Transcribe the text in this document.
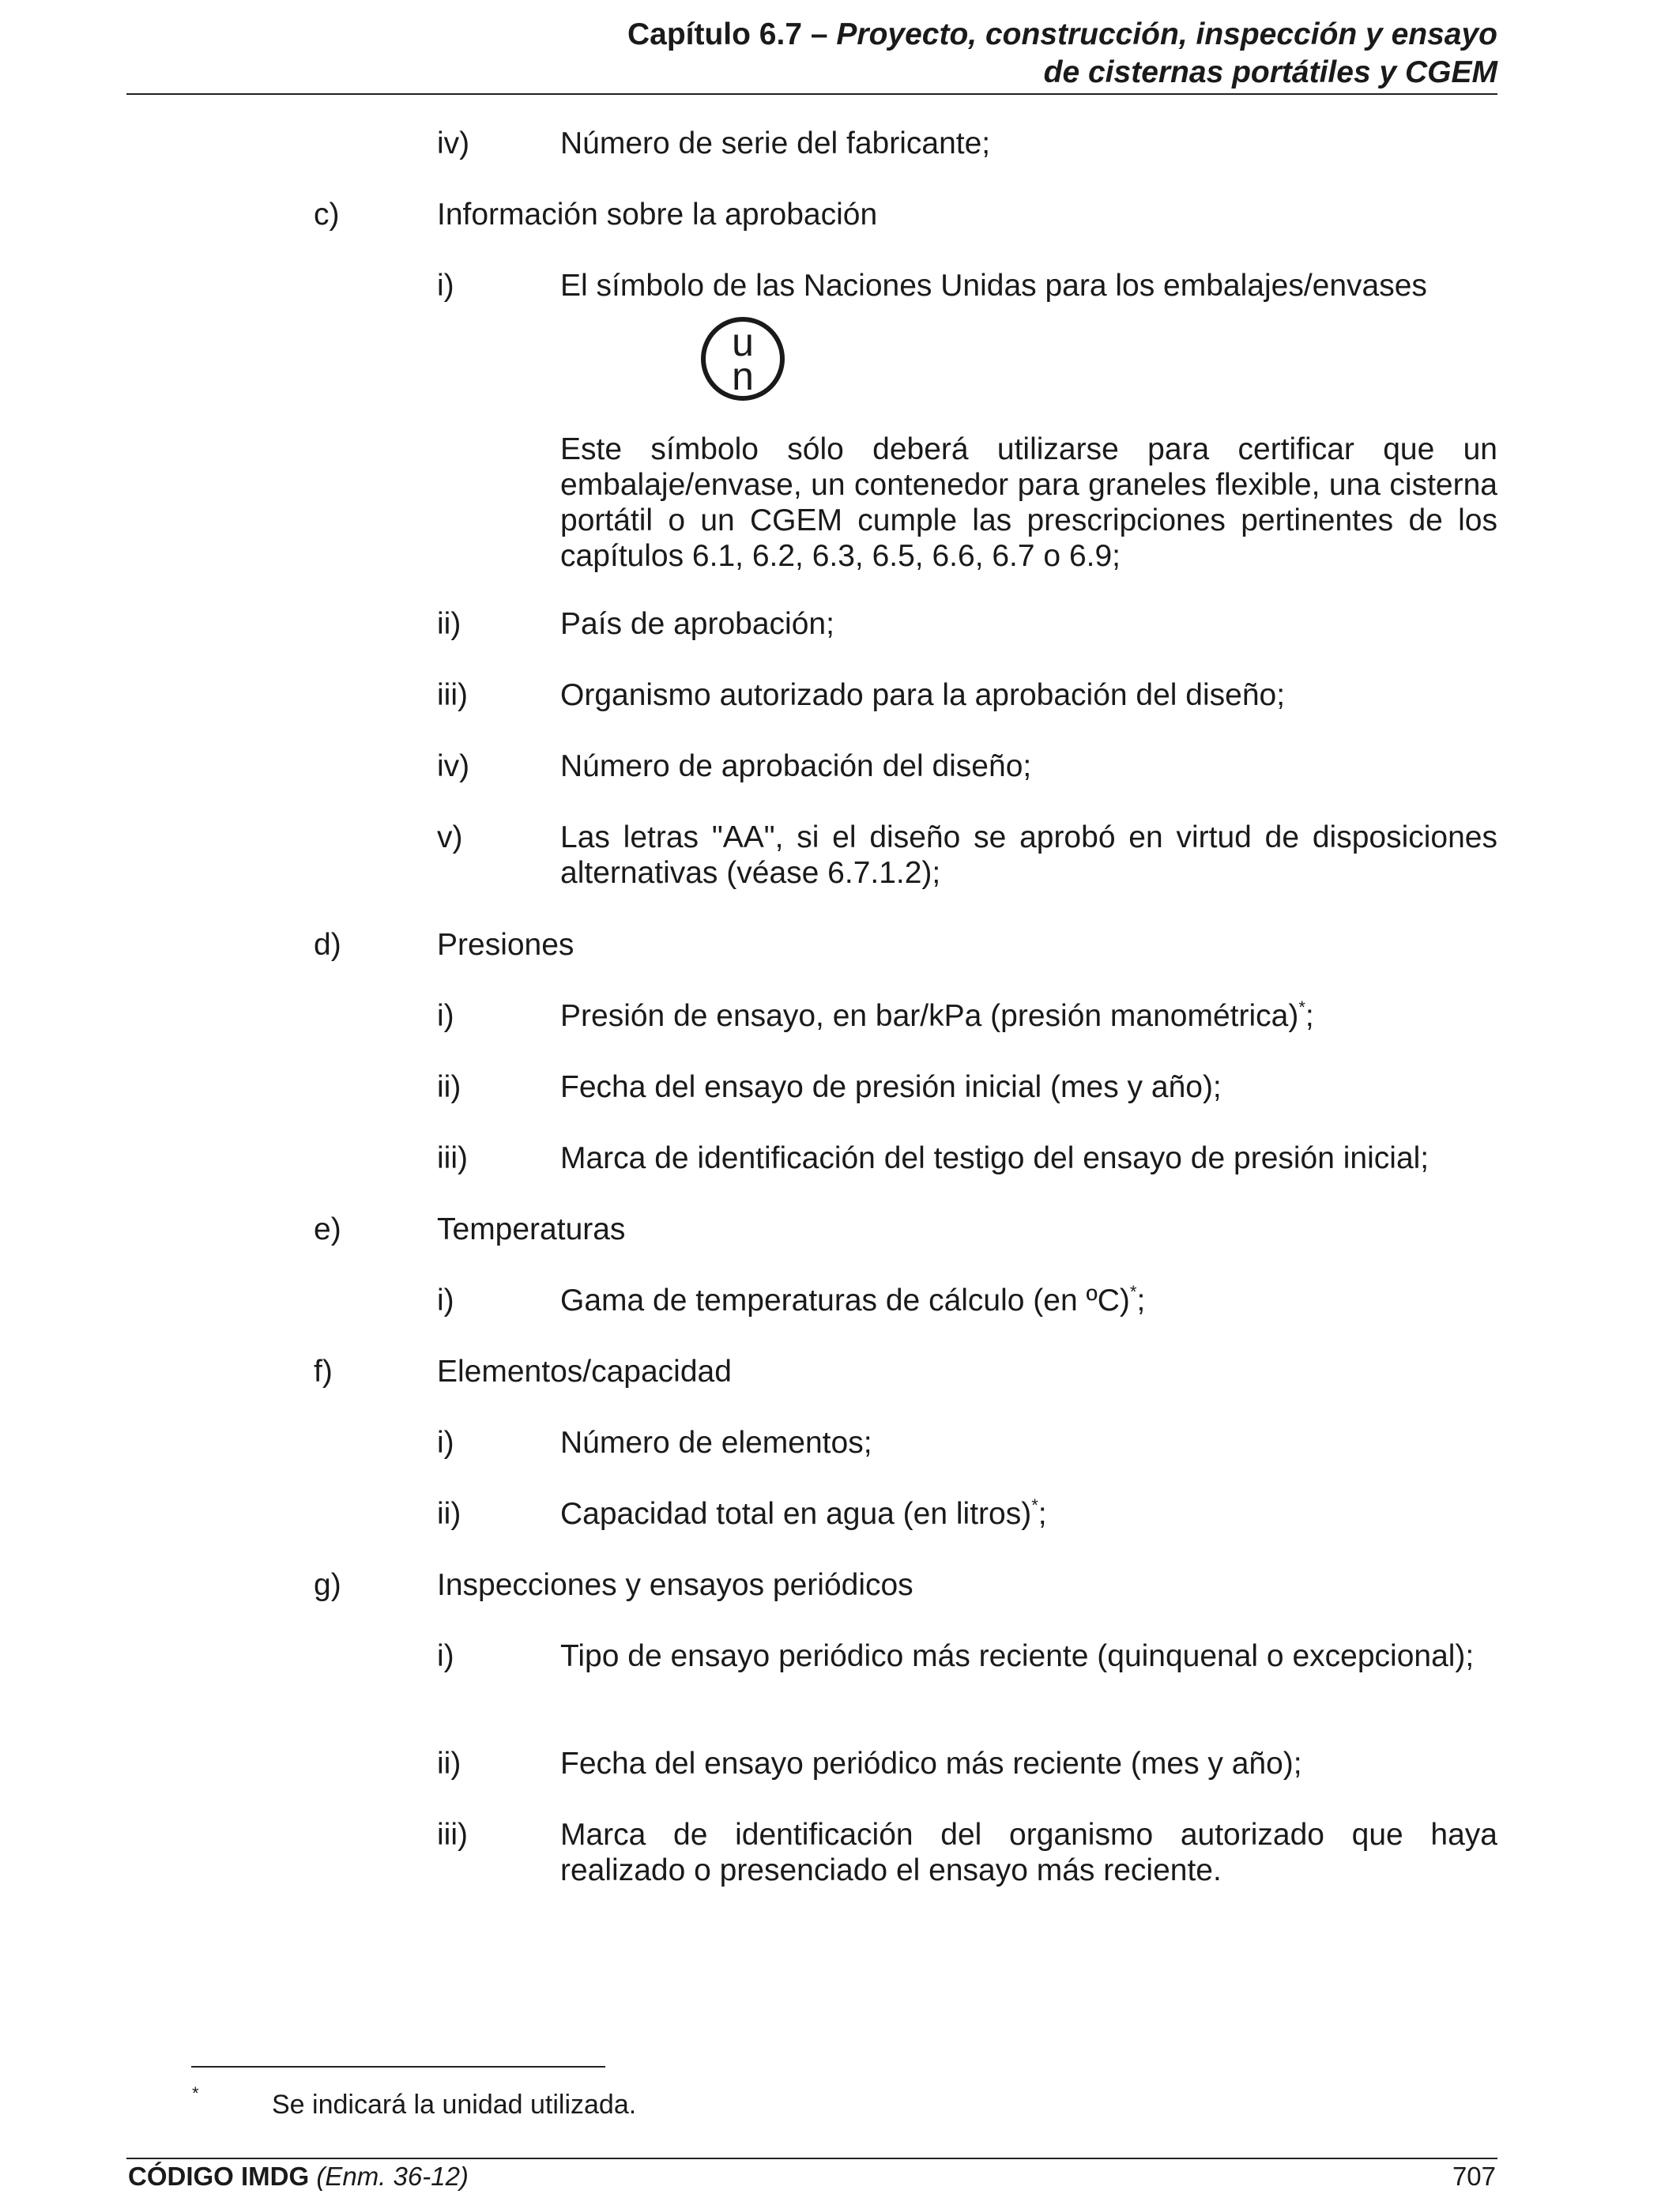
Capítulo 6.7 – Proyecto, construcción, inspección y ensayo
de cisternas portátiles y CGEM
iv)	Número de serie del fabricante;
c)	Información sobre la aprobación
i)	El símbolo de las Naciones Unidas para los embalajes/envases
u
n
Este símbolo sólo deberá utilizarse para certificar que un embalaje/envase, un contenedor para graneles flexible, una cisterna portátil o un CGEM cumple las prescripciones pertinentes de los capítulos 6.1, 6.2, 6.3, 6.5, 6.6, 6.7 o 6.9;
ii)	País de aprobación;
iii)	Organismo autorizado para la aprobación del diseño;
iv)	Número de aprobación del diseño;
v)	Las letras "AA", si el diseño se aprobó en virtud de disposiciones alternativas (véase 6.7.1.2);
d)	Presiones
i)	Presión de ensayo, en bar/kPa (presión manométrica)*;
ii)	Fecha del ensayo de presión inicial (mes y año);
iii)	Marca de identificación del testigo del ensayo de presión inicial;
e)	Temperaturas
i)	Gama de temperaturas de cálculo (en ºC)*;
f)	Elementos/capacidad
i)	Número de elementos;
ii)	Capacidad total en agua (en litros)*;
g)	Inspecciones y ensayos periódicos
i)	Tipo de ensayo periódico más reciente (quinquenal o excepcional);
ii)	Fecha del ensayo periódico más reciente (mes y año);
iii)	Marca de identificación del organismo autorizado que haya realizado o presenciado el ensayo más reciente.
*	Se indicará la unidad utilizada.
CÓDIGO IMDG (Enm. 36-12)	707
